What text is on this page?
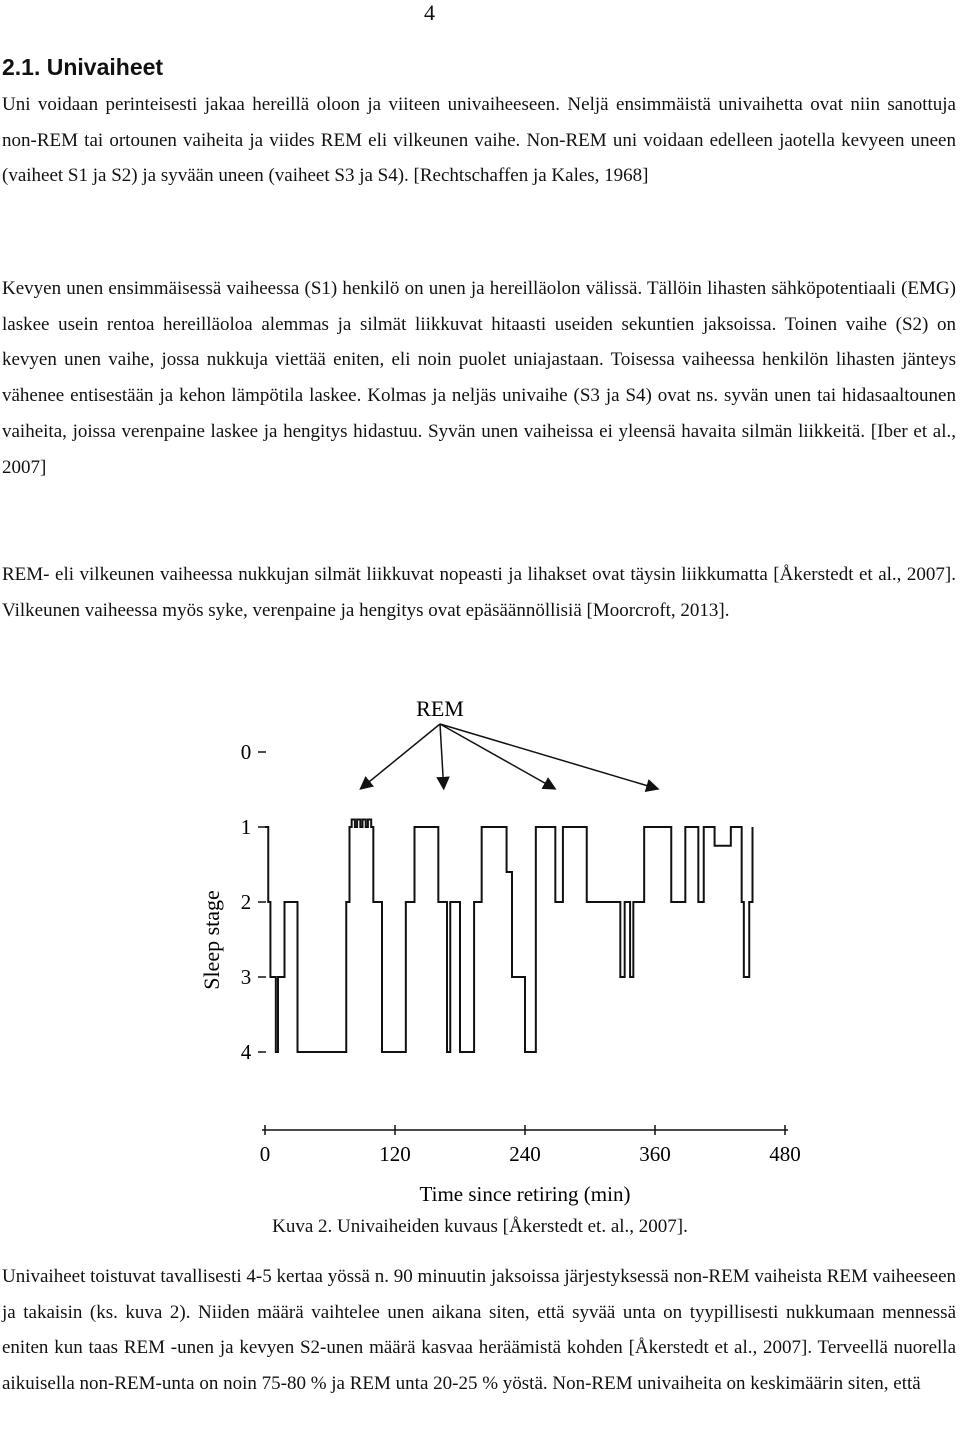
4
2.1. Univaiheet

Uni voidaan perinteisesti jakaa hereillä oloon ja viiteen univaiheeseen. Neljä ensimmäistä univaihetta ovat niin sanottuja non-REM tai ortounen vaiheita ja viides REM eli vilkeunen vaihe. Non-REM uni voidaan edelleen jaotella kevyeen uneen (vaiheet S1 ja S2) ja syvään uneen (vaiheet S3 ja S4). [Rechtschaffen ja Kales, 1968]

Kevyen unen ensimmäisessä vaiheessa (S1) henkilö on unen ja hereilläolon välissä. Tällöin lihasten sähköpotentiaali (EMG) laskee usein rentoa hereilläoloa alemmas ja silmät liikkuvat hitaasti useiden sekuntien jaksoissa. Toinen vaihe (S2) on kevyen unen vaihe, jossa nukkuja viettää eniten, eli noin puolet uniajastaan. Toisessa vaiheessa henkilön lihasten jänteys vähenee entisestään ja kehon lämpötila laskee. Kolmas ja neljäs univaihe (S3 ja S4) ovat ns. syvän unen tai hidasaaltounen vaiheita, joissa verenpaine laskee ja hengitys hidastuu. Syvän unen vaiheissa ei yleensä havaita silmän liikkeitä. [Iber et al., 2007]

REM- eli vilkeunen vaiheessa nukkujan silmät liikkuvat nopeasti ja lihakset ovat täysin liikkumatta [Åkerstedt et al., 2007]. Vilkeunen vaiheessa myös syke, verenpaine ja hengitys ovat epäsäännöllisiä [Moorcroft, 2013].

0
1
2
3
4
0	120	240	360	480
REM
Sleep stage
Time since retiring (min)
Kuva 2. Univaiheiden kuvaus [Åkerstedt et. al., 2007].

Univaiheet toistuvat tavallisesti 4-5 kertaa yössä n. 90 minuutin jaksoissa järjestyksessä non-REM vaiheista REM vaiheeseen ja takaisin (ks. kuva 2). Niiden määrä vaihtelee unen aikana siten, että syvää unta on tyypillisesti nukkumaan mennessä eniten kun taas REM -unen ja kevyen S2-unen määrä kasvaa heräämistä kohden [Åkerstedt et al., 2007]. Terveellä nuorella aikuisella non-REM-unta on noin 75-80 % ja REM unta 20-25 % yöstä. Non-REM univaiheita on keskimäärin siten, että
